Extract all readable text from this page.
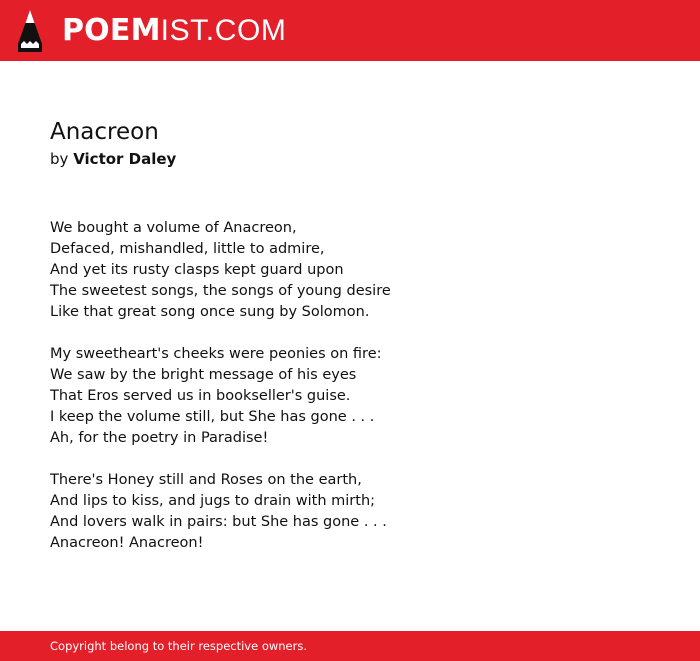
POEMIST.COM
Anacreon
by Victor Daley
We bought a volume of Anacreon,
Defaced, mishandled, little to admire,
And yet its rusty clasps kept guard upon
The sweetest songs, the songs of young desire
Like that great song once sung by Solomon.
My sweetheart's cheeks were peonies on fire:
We saw by the bright message of his eyes
That Eros served us in bookseller's guise.
I keep the volume still, but She has gone . . .
Ah, for the poetry in Paradise!
There's Honey still and Roses on the earth,
And lips to kiss, and jugs to drain with mirth;
And lovers walk in pairs: but She has gone . . .
Anacreon! Anacreon!
Copyright belong to their respective owners.
